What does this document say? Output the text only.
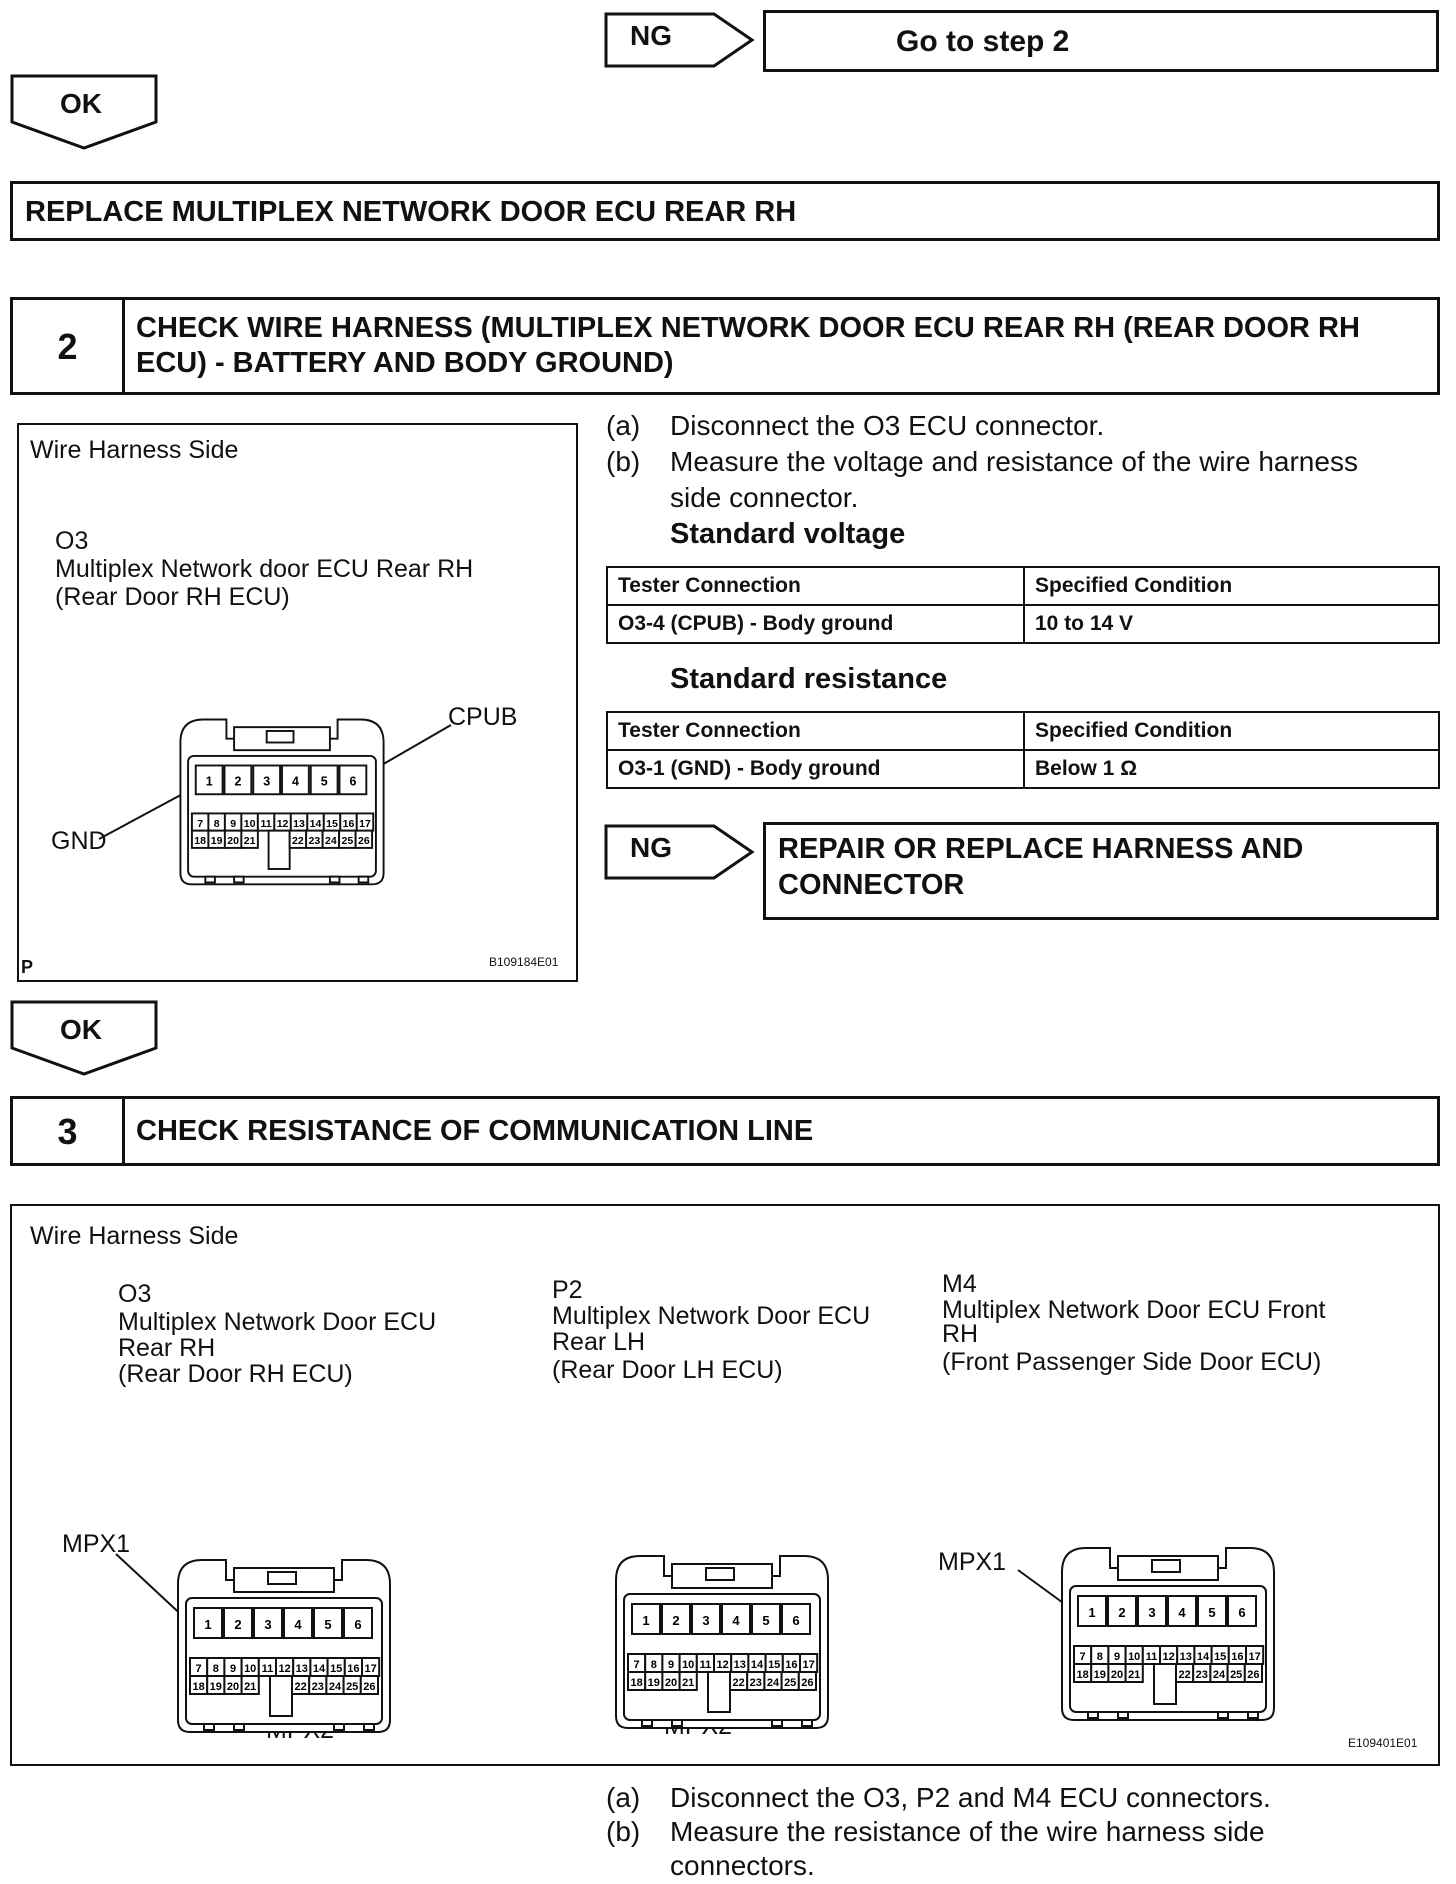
NG	Go to step 2
OK
REPLACE MULTIPLEX NETWORK DOOR ECU REAR RH
2	CHECK WIRE HARNESS (MULTIPLEX NETWORK DOOR ECU REAR RH (REAR DOOR RH
ECU) - BATTERY AND BODY GROUND)
Wire Harness Side
O3
Multiplex Network door ECU Rear RH
(Rear Door RH ECU)
CPUB
GND
P	B109184E01
1 2 3 4 5 6
7 8 9 10 11 12 13 14 15 16 17
18 19 20 21	22 23 24 25 26
(a) Disconnect the O3 ECU connector.
(b) Measure the voltage and resistance of the wire harness
side connector.
Standard voltage
Tester Connection	Specified Condition
O3-4 (CPUB) - Body ground	10 to 14 V
Standard resistance
Tester Connection	Specified Condition
O3-1 (GND) - Body ground	Below 1 Ω
NG	REPAIR OR REPLACE HARNESS AND
CONNECTOR
OK
3	CHECK RESISTANCE OF COMMUNICATION LINE
Wire Harness Side
O3
Multiplex Network Door ECU
Rear RH
(Rear Door RH ECU)
MPX1
P2
Multiplex Network Door ECU
Rear LH
(Rear Door LH ECU)
M4
Multiplex Network Door ECU Front
RH
(Front Passenger Side Door ECU)
MPX1
E109401E01
1 2 3 4 5 6
7 8 9 10 11 12 13 14 15 16 17
18 19 20 21	22 23 24 25 26
1 2 3 4 5 6
7 8 9 10 11 12 13 14 15 16 17
18 19 20 21	22 23 24 25 26
1 2 3 4 5 6
7 8 9 10 11 12 13 14 15 16 17
18 19 20 21	22 23 24 25 26
(a) Disconnect the O3, P2 and M4 ECU connectors.
(b) Measure the resistance of the wire harness side
connectors.
